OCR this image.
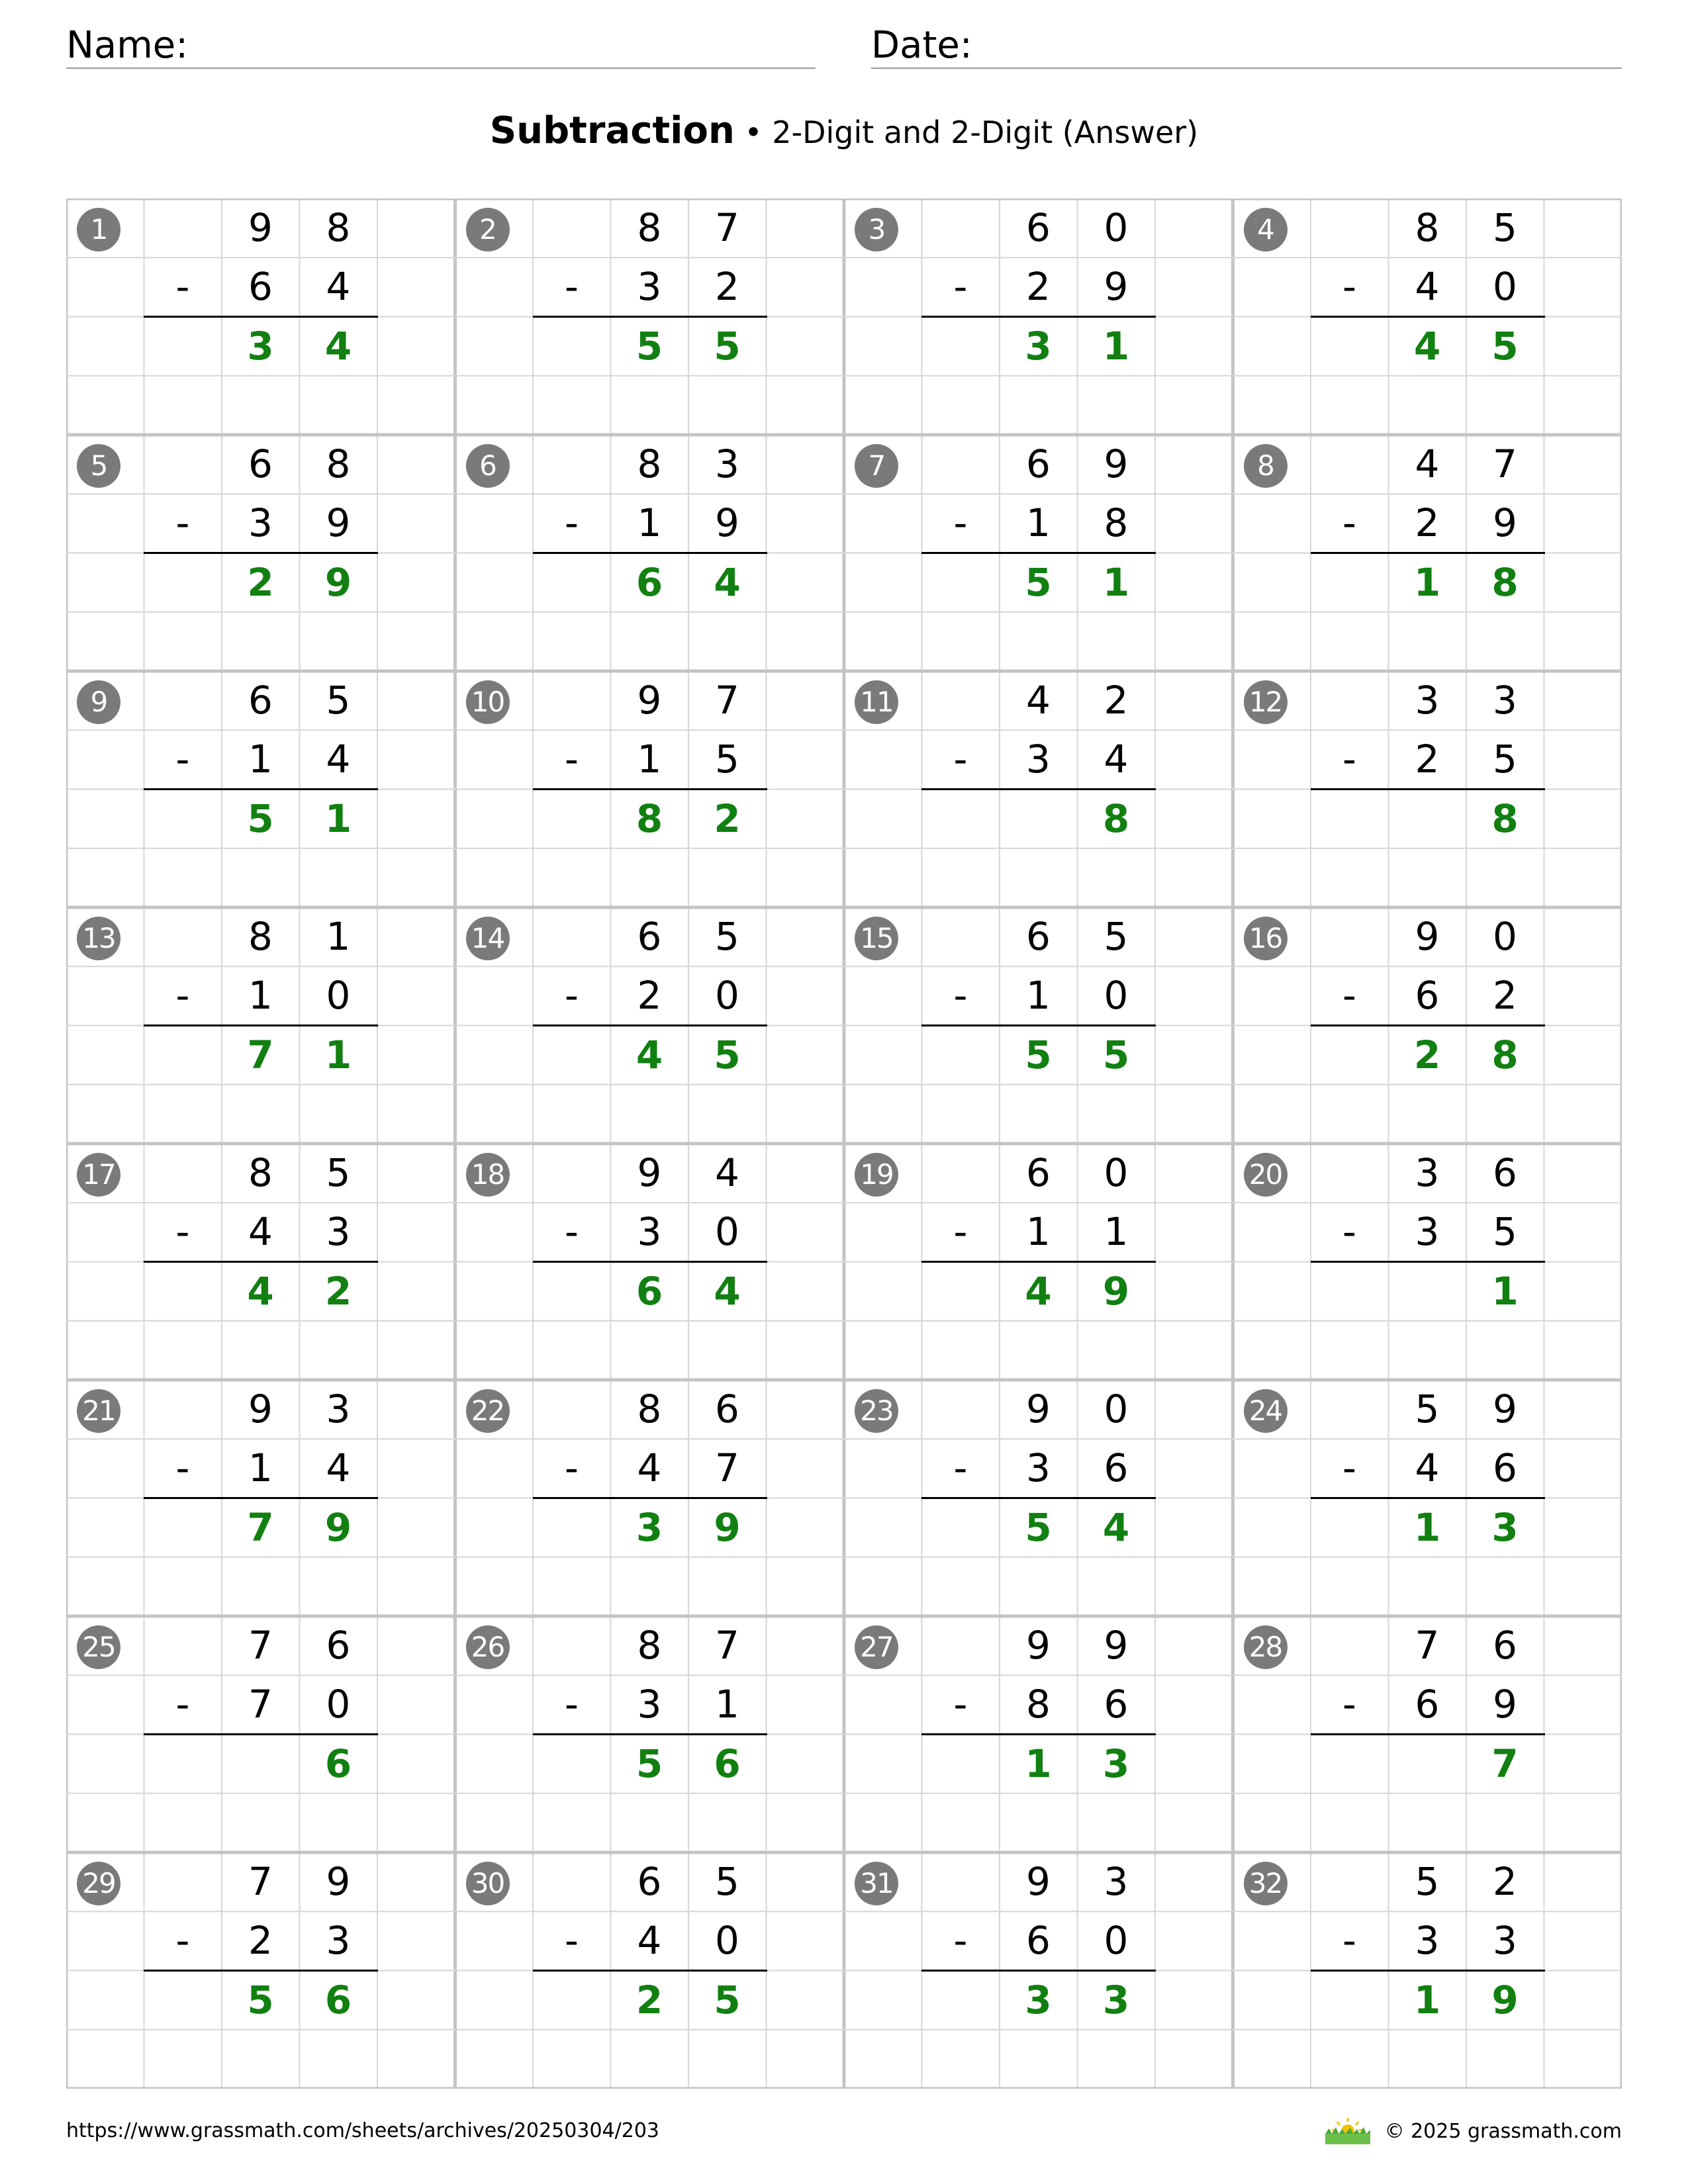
Name:	Date:
Subtraction • 2-Digit and 2-Digit (Answer)
1	9	8
-	6	4
3	4
2	8	7
-	3	2
5	5
3	6	0
-	2	9
3	1
4	8	5
-	4	0
4	5
5	6	8
-	3	9
2	9
6	8	3
-	1	9
6	4
7	6	9
-	1	8
5	1
8	4	7
-	2	9
1	8
9	6	5
-	1	4
5	1
10	9	7
-	1	5
8	2
11	4	2
-	3	4
8
12	3	3
-	2	5
8
13	8	1
-	1	0
7	1
14	6	5
-	2	0
4	5
15	6	5
-	1	0
5	5
16	9	0
-	6	2
2	8
17	8	5
-	4	3
4	2
18	9	4
-	3	0
6	4
19	6	0
-	1	1
4	9
20	3	6
-	3	5
1
21	9	3
-	1	4
7	9
22	8	6
-	4	7
3	9
23	9	0
-	3	6
5	4
24	5	9
-	4	6
1	3
25	7	6
-	7	0
6
26	8	7
-	3	1
5	6
27	9	9
-	8	6
1	3
28	7	6
-	6	9
7
29	7	9
-	2	3
5	6
30	6	5
-	4	0
2	5
31	9	3
-	6	0
3	3
32	5	2
-	3	3
1	9
https://www.grassmath.com/sheets/archives/20250304/203	© 2025 grassmath.com
